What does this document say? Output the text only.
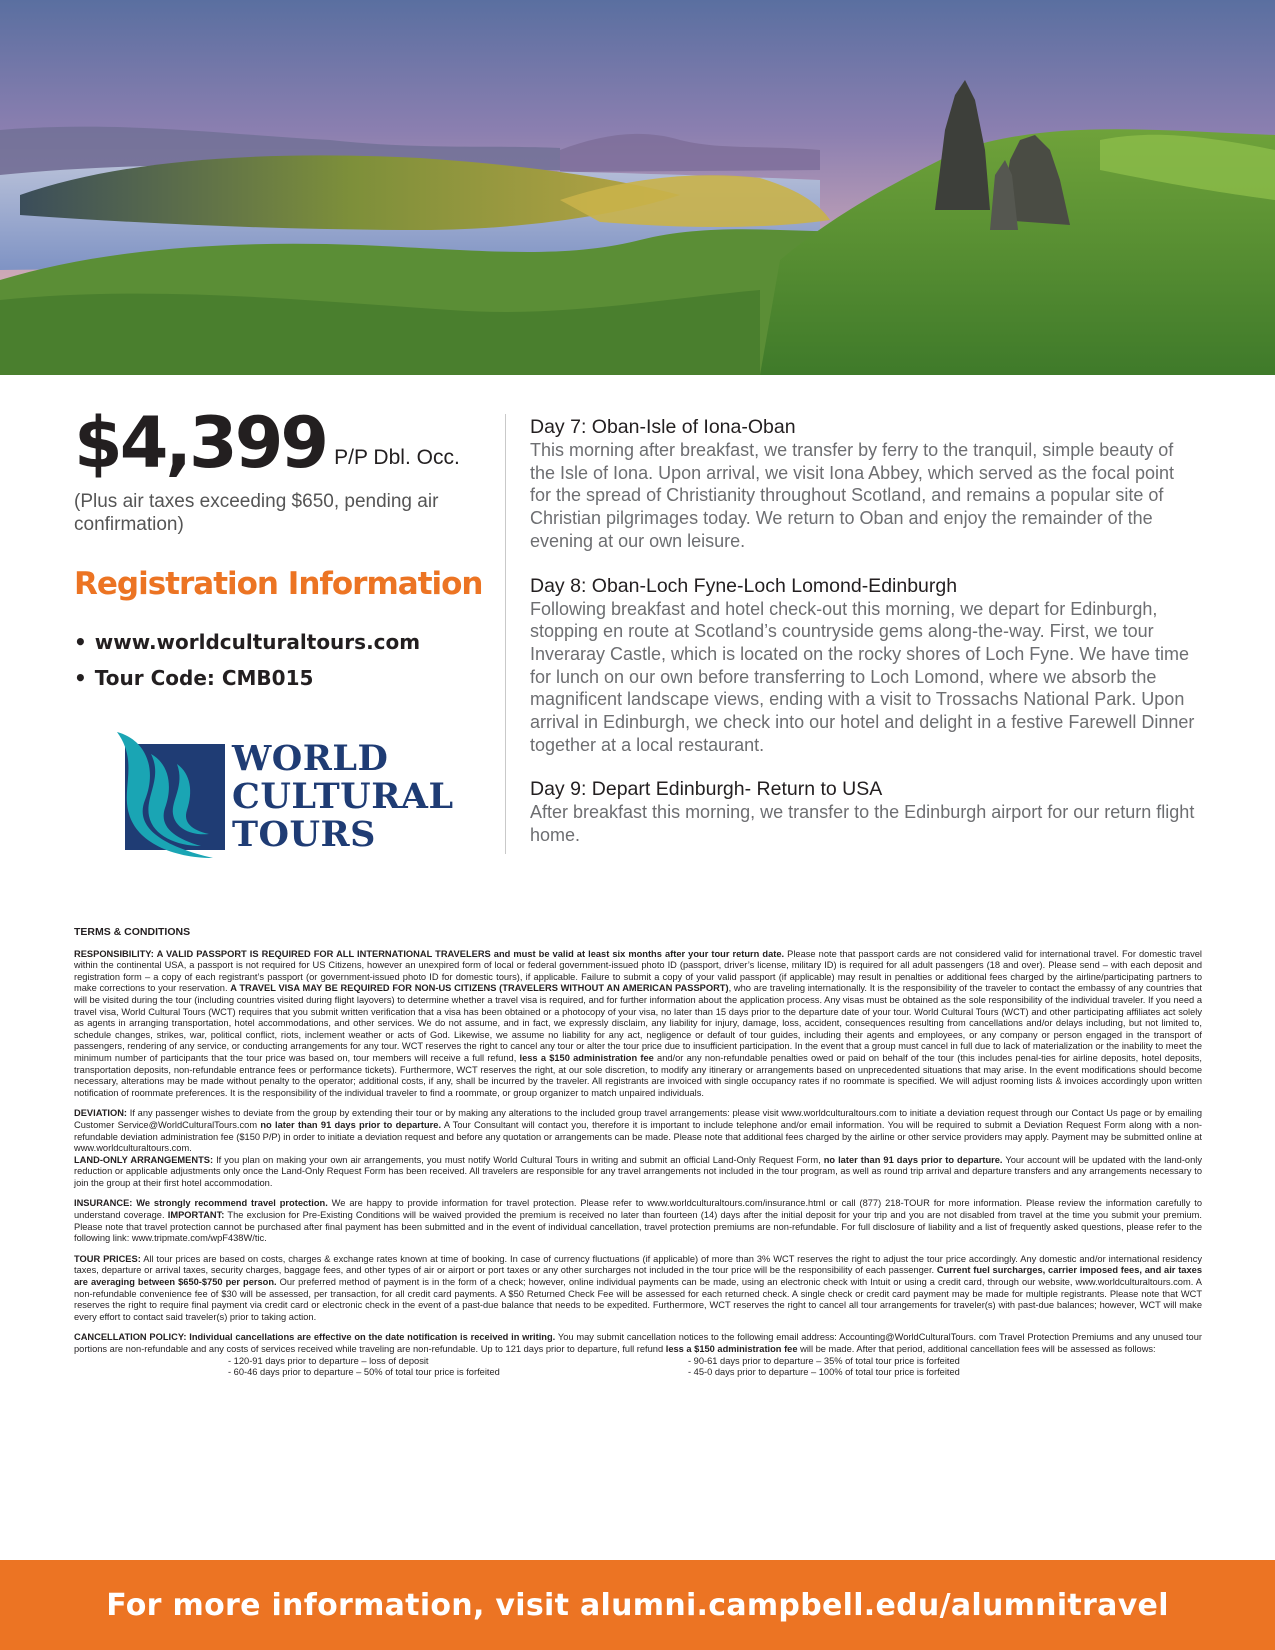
$4,399 P/P Dbl. Occ.
(Plus air taxes exceeding $650, pending air confirmation)
Registration Information
• www.worldculturaltours.com
• Tour Code: CMB015
WORLD
CULTURAL
TOURS
Day 7: Oban-Isle of Iona-Oban
This morning after breakfast, we transfer by ferry to the tranquil, simple beauty of the Isle of Iona. Upon arrival, we visit Iona Abbey, which served as the focal point for the spread of Christianity throughout Scotland, and remains a popular site of Christian pilgrimages today. We return to Oban and enjoy the remainder of the evening at our own leisure.
Day 8: Oban-Loch Fyne-Loch Lomond-Edinburgh
Following breakfast and hotel check-out this morning, we depart for Edinburgh, stopping en route at Scotland’s countryside gems along-the-way. First, we tour Inveraray Castle, which is located on the rocky shores of Loch Fyne. We have time for lunch on our own before transferring to Loch Lomond, where we absorb the magnificent landscape views, ending with a visit to Trossachs National Park. Upon arrival in Edinburgh, we check into our hotel and delight in a festive Farewell Dinner together at a local restaurant.
Day 9: Depart Edinburgh- Return to USA
After breakfast this morning, we transfer to the Edinburgh airport for our return flight home.
TERMS & CONDITIONS

RESPONSIBILITY: A VALID PASSPORT IS REQUIRED FOR ALL INTERNATIONAL TRAVELERS and must be valid at least six months after your tour return date. Please note that passport cards are not considered valid for international travel. For domestic travel within the continental USA, a passport is not required for US Citizens, however an unexpired form of local or federal government-issued photo ID (passport, driver’s license, military ID) is required for all adult passengers (18 and over). Please send – with each deposit and registration form – a copy of each registrant’s passport (or government-issued photo ID for domestic tours), if applicable. Failure to submit a copy of your valid passport (if applicable) may result in penalties or additional fees charged by the airline/participating partners to make corrections to your reservation. A TRAVEL VISA MAY BE REQUIRED FOR NON-US CITIZENS (TRAVELERS WITHOUT AN AMERICAN PASSPORT), who are traveling internationally. It is the responsibility of the traveler to contact the embassy of any countries that will be visited during the tour (including countries visited during flight layovers) to determine whether a travel visa is required, and for further information about the application process. Any visas must be obtained as the sole responsibility of the individual traveler. If you need a travel visa, World Cultural Tours (WCT) requires that you submit written verification that a visa has been obtained or a photocopy of your visa, no later than 15 days prior to the departure date of your tour. World Cultural Tours (WCT) and other participating affiliates act solely as agents in arranging transportation, hotel accommodations, and other services. We do not assume, and in fact, we expressly disclaim, any liability for injury, damage, loss, accident, consequences resulting from cancellations and/or delays including, but not limited to, schedule changes, strikes, war, political conflict, riots, inclement weather or acts of God. Likewise, we assume no liability for any act, negligence or default of tour guides, including their agents and employees, or any company or person engaged in the transport of passengers, rendering of any service, or conducting arrangements for any tour. WCT reserves the right to cancel any tour or alter the tour price due to insufficient participation. In the event that a group must cancel in full due to lack of materialization or the inability to meet the minimum number of participants that the tour price was based on, tour members will receive a full refund, less a $150 administration fee and/or any non-refundable penalties owed or paid on behalf of the tour (this includes penal-ties for airline deposits, hotel deposits, transportation deposits, non-refundable entrance fees or performance tickets). Furthermore, WCT reserves the right, at our sole discretion, to modify any itinerary or arrangements based on unprecedented situations that may arise. In the event modifications should become necessary, alterations may be made without penalty to the operator; additional costs, if any, shall be incurred by the traveler. All registrants are invoiced with single occupancy rates if no roommate is specified. We will adjust rooming lists & invoices accordingly upon written notification of roommate preferences. It is the responsibility of the individual traveler to find a roommate, or group organizer to match unpaired individuals.

DEVIATION: If any passenger wishes to deviate from the group by extending their tour or by making any alterations to the included group travel arrangements: please visit www.worldculturaltours.com to initiate a deviation request through our Contact Us page or by emailing Customer Service@WorldCulturalTours.com no later than 91 days prior to departure. A Tour Consultant will contact you, therefore it is important to include telephone and/or email information. You will be required to submit a Deviation Request Form along with a non-refundable deviation administration fee ($150 P/P) in order to initiate a deviation request and before any quotation or arrangements can be made. Please note that additional fees charged by the airline or other service providers may apply. Payment may be submitted online at www.worldculturaltours.com.
LAND-ONLY ARRANGEMENTS: If you plan on making your own air arrangements, you must notify World Cultural Tours in writing and submit an official Land-Only Request Form, no later than 91 days prior to departure. Your account will be updated with the land-only reduction or applicable adjustments only once the Land-Only Request Form has been received. All travelers are responsible for any travel arrangements not included in the tour program, as well as round trip arrival and departure transfers and any arrangements necessary to join the group at their first hotel accommodation.

INSURANCE: We strongly recommend travel protection. We are happy to provide information for travel protection. Please refer to www.worldculturaltours.com/insurance.html or call (877) 218-TOUR for more information. Please review the information carefully to understand coverage. IMPORTANT: The exclusion for Pre-Existing Conditions will be waived provided the premium is received no later than fourteen (14) days after the initial deposit for your trip and you are not disabled from travel at the time you submit your premium. Please note that travel protection cannot be purchased after final payment has been submitted and in the event of individual cancellation, travel protection premiums are non-refundable. For full disclosure of liability and a list of frequently asked questions, please refer to the following link: www.tripmate.com/wpF438W/tic.

TOUR PRICES: All tour prices are based on costs, charges & exchange rates known at time of booking. In case of currency fluctuations (if applicable) of more than 3% WCT reserves the right to adjust the tour price accordingly. Any domestic and/or international residency taxes, departure or arrival taxes, security charges, baggage fees, and other types of air or airport or port taxes or any other surcharges not included in the tour price will be the responsibility of each passenger. Current fuel surcharges, carrier imposed fees, and air taxes are averaging between $650-$750 per person. Our preferred method of payment is in the form of a check; however, online individual payments can be made, using an electronic check with Intuit or using a credit card, through our website, www.worldculturaltours.com. A non-refundable convenience fee of $30 will be assessed, per transaction, for all credit card payments. A $50 Returned Check Fee will be assessed for each returned check. A single check or credit card payment may be made for multiple registrants. Please note that WCT reserves the right to require final payment via credit card or electronic check in the event of a past-due balance that needs to be expedited. Furthermore, WCT reserves the right to cancel all tour arrangements for traveler(s) with past-due balances; however, WCT will make every effort to contact said traveler(s) prior to taking action.

CANCELLATION POLICY: Individual cancellations are effective on the date notification is received in writing. You may submit cancellation notices to the following email address: Accounting@WorldCulturalTours. com Travel Protection Premiums and any unused tour portions are non-refundable and any costs of services received while traveling are non-refundable. Up to 121 days prior to departure, full refund less a $150 administration fee will be made. After that period, additional cancellation fees will be assessed as follows:

- 120-91 days prior to departure – loss of deposit	- 90-61 days prior to departure – 35% of total tour price is forfeited
- 60-46 days prior to departure – 50% of total tour price is forfeited	- 45-0 days prior to departure – 100% of total tour price is forfeited
For more information, visit alumni.campbell.edu/alumnitravel
